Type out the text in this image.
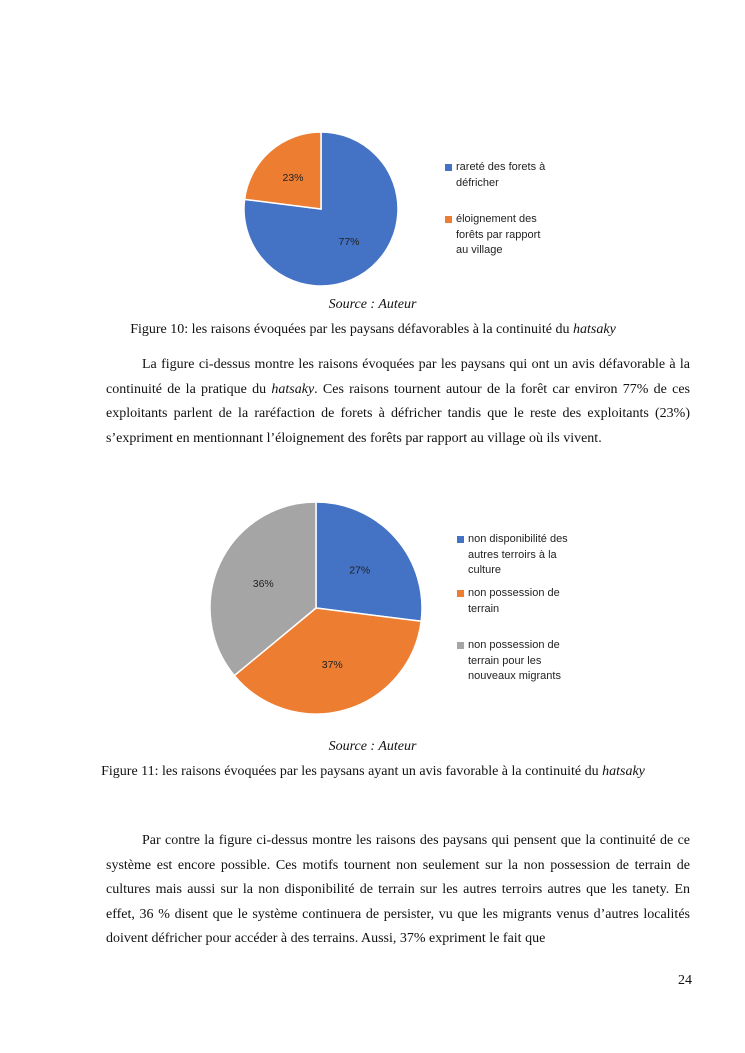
77%
23%
27%
37%
36%
rareté des forets à défricher
éloignement des forêts par rapport au village
Source : Auteur
Figure 10: les raisons évoquées par les paysans défavorables à la continuité du hatsaky

La figure ci-dessus montre les raisons évoquées par les paysans qui ont un avis défavorable à la continuité de la pratique du hatsaky. Ces raisons tournent autour de la forêt car environ 77% de ces exploitants parlent de la raréfaction de forets à défricher tandis que le reste des exploitants (23%) s’expriment en mentionnant l’éloignement des forêts par rapport au village où ils vivent.

non disponibilité des autres terroirs à la culture
non possession de terrain
non possession de terrain pour les nouveaux migrants
Source : Auteur
Figure 11: les raisons évoquées par les paysans ayant un avis favorable à la continuité du hatsaky

Par contre la figure ci-dessus montre les raisons des paysans qui pensent que la continuité de ce système est encore possible. Ces motifs tournent non seulement sur la non possession de terrain de cultures mais aussi sur la non disponibilité de terrain sur les autres terroirs autres que les tanety. En effet, 36 % disent que le système continuera de persister, vu que les migrants venus d’autres localités doivent défricher pour accéder à des terrains. Aussi, 37% expriment le fait que

24
